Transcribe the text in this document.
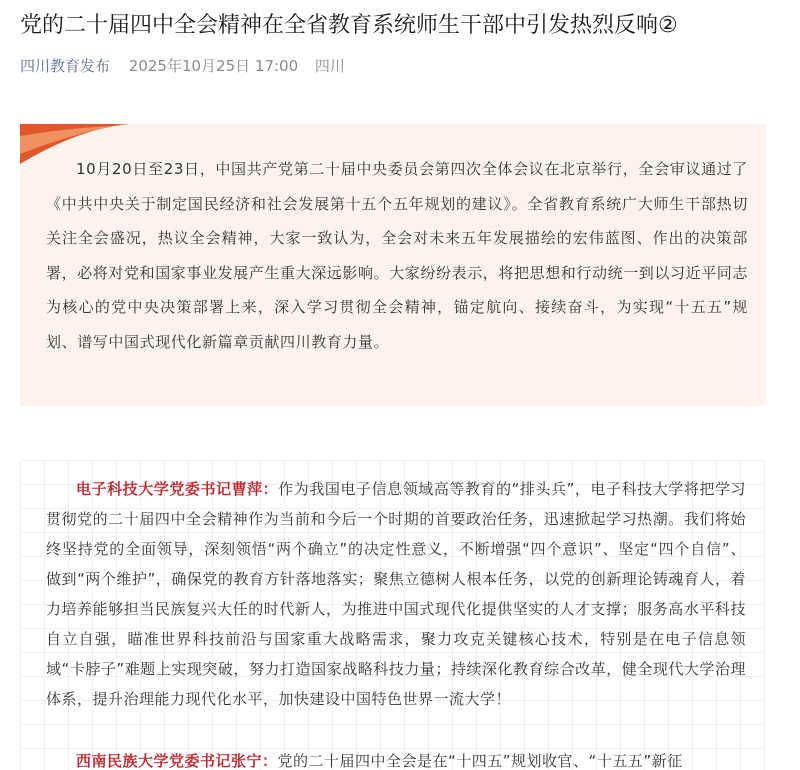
党的二十届四中全会精神在全省教育系统师生干部中引发热烈反响②
四川教育发布 2025年10月25日 17:00 四川

10月20日至23日，中国共产党第二十届中央委员会第四次全体会议在北京举行，全会审议通过了《中共中央关于制定国民经济和社会发展第十五个五年规划的建议》。全省教育系统广大师生干部热切关注全会盛况，热议全会精神，大家一致认为，全会对未来五年发展描绘的宏伟蓝图、作出的决策部署，必将对党和国家事业发展产生重大深远影响。大家纷纷表示，将把思想和行动统一到以习近平同志为核心的党中央决策部署上来，深入学习贯彻全会精神，锚定航向、接续奋斗，为实现“十五五”规划、谱写中国式现代化新篇章贡献四川教育力量。

电子科技大学党委书记曹萍：作为我国电子信息领域高等教育的“排头兵”，电子科技大学将把学习贯彻党的二十届四中全会精神作为当前和今后一个时期的首要政治任务，迅速掀起学习热潮。我们将始终坚持党的全面领导，深刻领悟“两个确立”的决定性意义，不断增强“四个意识”、坚定“四个自信”、做到“两个维护”，确保党的教育方针落地落实；聚焦立德树人根本任务，以党的创新理论铸魂育人，着力培养能够担当民族复兴大任的时代新人，为推进中国式现代化提供坚实的人才支撑；服务高水平科技自立自强，瞄准世界科技前沿与国家重大战略需求，聚力攻克关键核心技术，特别是在电子信息领域“卡脖子”难题上实现突破，努力打造国家战略科技力量；持续深化教育综合改革，健全现代大学治理体系，提升治理能力现代化水平，加快建设中国特色世界一流大学！

西南民族大学党委书记张宁：党的二十届四中全会是在“十四五”规划收官、“十五五”新征
